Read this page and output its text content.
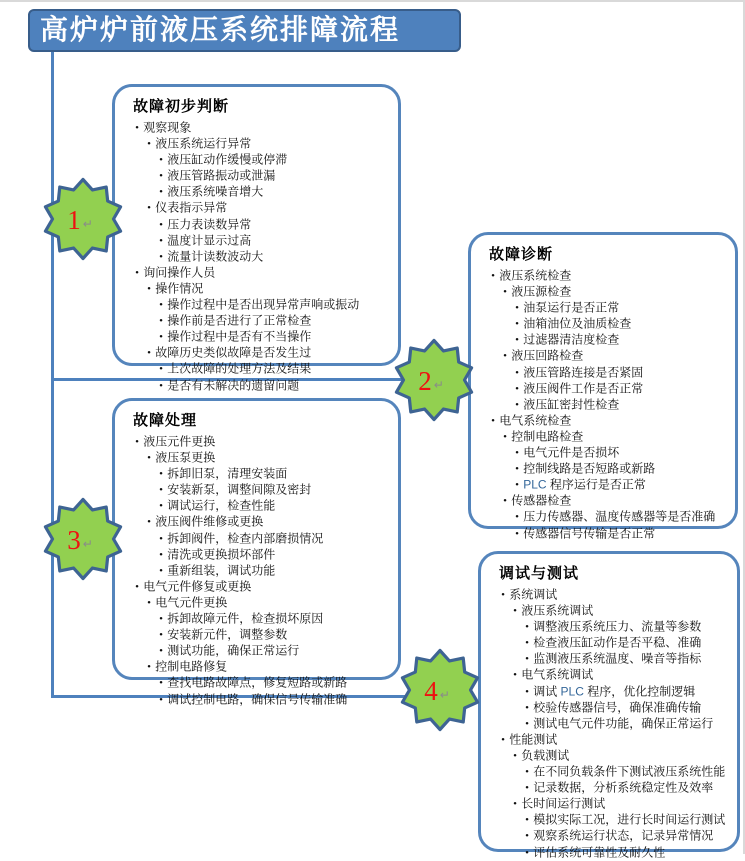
高炉炉前液压系统排障流程
故障初步判断
• 观察现象
• 液压系统运行异常
• 液压缸动作缓慢或停滞
• 液压管路振动或泄漏
• 液压系统噪音增大
• 仪表指示异常
• 压力表读数异常
• 温度计显示过高
• 流量计读数波动大
• 询问操作人员
• 操作情况
• 操作过程中是否出现异常声响或振动
• 操作前是否进行了正常检查
• 操作过程中是否有不当操作
• 故障历史类似故障是否发生过
• 上次故障的处理方法及结果
• 是否有未解决的遗留问题
故障诊断
• 液压系统检查
• 液压源检查
• 油泵运行是否正常
• 油箱油位及油质检查
• 过滤器清洁度检查
• 液压回路检查
• 液压管路连接是否紧固
• 液压阀件工作是否正常
• 液压缸密封性检查
• 电气系统检查
• 控制电路检查
• 电气元件是否损坏
• 控制线路是否短路或新路
• PLC 程序运行是否正常
• 传感器检查
• 压力传感器、温度传感器等是否准确
• 传感器信号传输是否正常
故障处理
• 液压元件更换
• 液压泵更换
• 拆卸旧泵，清理安装面
• 安装新泵，调整间隙及密封
• 调试运行，检查性能
• 液压阀件维修或更换
• 拆卸阀件，检查内部磨损情况
• 清洗或更换损坏部件
• 重新组装，调试功能
• 电气元件修复或更换
• 电气元件更换
• 拆卸故障元件，检查损坏原因
• 安装新元件，调整参数
• 测试功能，确保正常运行
• 控制电路修复
• 查找电路故障点，修复短路或新路
• 调试控制电路，确保信号传输准确
调试与测试
• 系统调试
• 液压系统调试
• 调整液压系统压力、流量等参数
• 检查液压缸动作是否平稳、准确
• 监测液压系统温度、噪音等指标
• 电气系统调试
• 调试 PLC 程序，优化控制逻辑
• 校验传感器信号，确保准确传输
• 测试电气元件功能，确保正常运行
• 性能测试
• 负载测试
• 在不同负载条件下测试液压系统性能
• 记录数据，分析系统稳定性及效率
• 长时间运行测试
• 模拟实际工况，进行长时间运行测试
• 观察系统运行状态，记录异常情况
• 评估系统可靠性及耐久性
1 ↵
2 ↵
3 ↵
4 ↵
